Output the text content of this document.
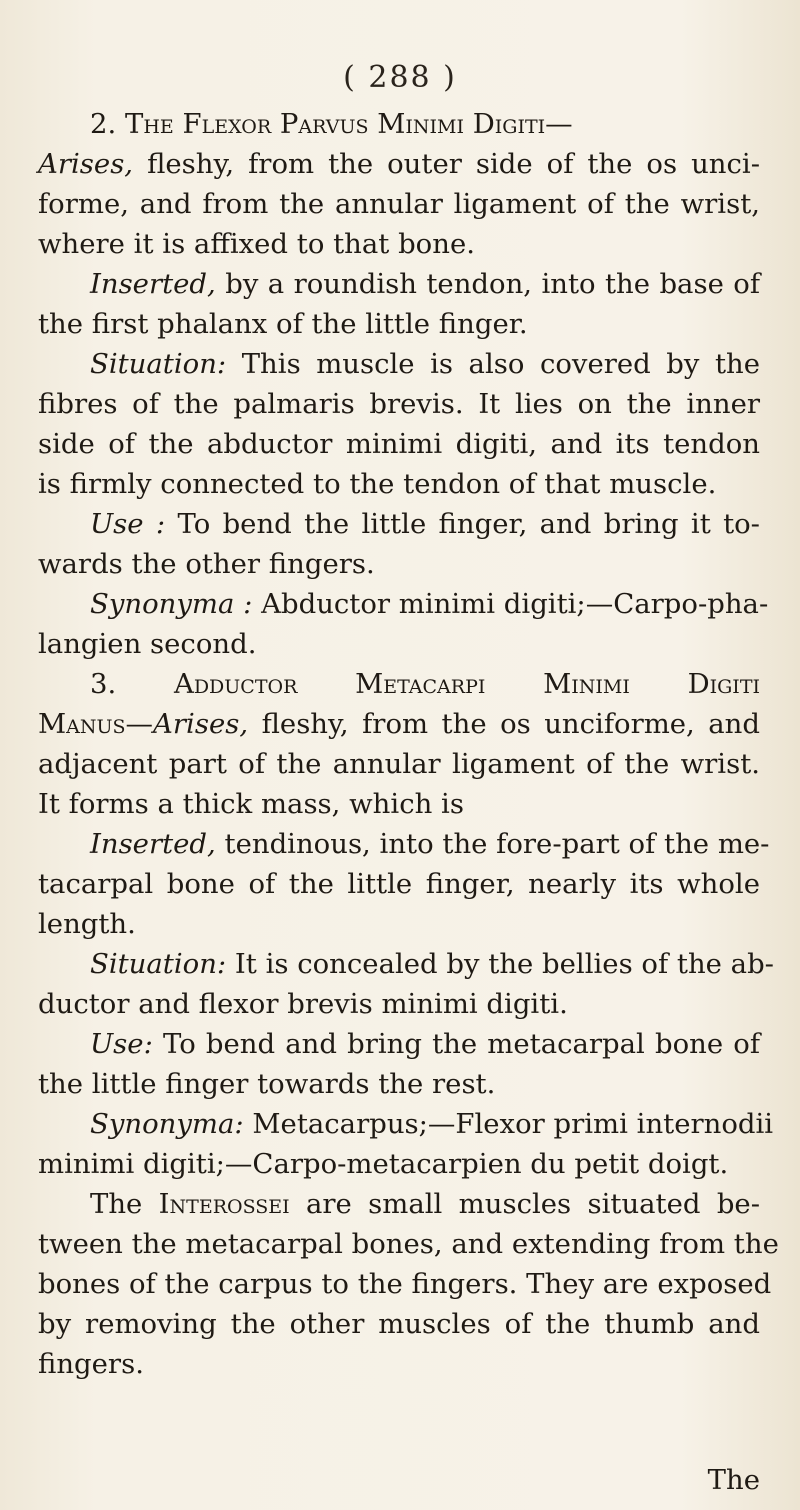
( 288 )
2. The Flexor Parvus Minimi Digiti—
Arises, fleshy, from the outer side of the os unci-
forme, and from the annular ligament of the wrist,
where it is affixed to that bone.
Inserted, by a roundish tendon, into the base of
the first phalanx of the little finger.
Situation: This muscle is also covered by the
fibres of the palmaris brevis. It lies on the inner
side of the abductor minimi digiti, and its tendon
is firmly connected to the tendon of that muscle.
Use : To bend the little finger, and bring it to-
wards the other fingers.
Synonyma : Abductor minimi digiti;—Carpo-pha-
langien second.
3. Adductor Metacarpi Minimi Digiti
Manus—Arises, fleshy, from the os unciforme, and
adjacent part of the annular ligament of the wrist.
It forms a thick mass, which is
Inserted, tendinous, into the fore-part of the me-
tacarpal bone of the little finger, nearly its whole
length.
Situation: It is concealed by the bellies of the ab-
ductor and flexor brevis minimi digiti.
Use: To bend and bring the metacarpal bone of
the little finger towards the rest.
Synonyma: Metacarpus;—Flexor primi internodii
minimi digiti;—Carpo-metacarpien du petit doigt.
The Interossei are small muscles situated be-
tween the metacarpal bones, and extending from the
bones of the carpus to the fingers. They are exposed
by removing the other muscles of the thumb and
fingers.
The
